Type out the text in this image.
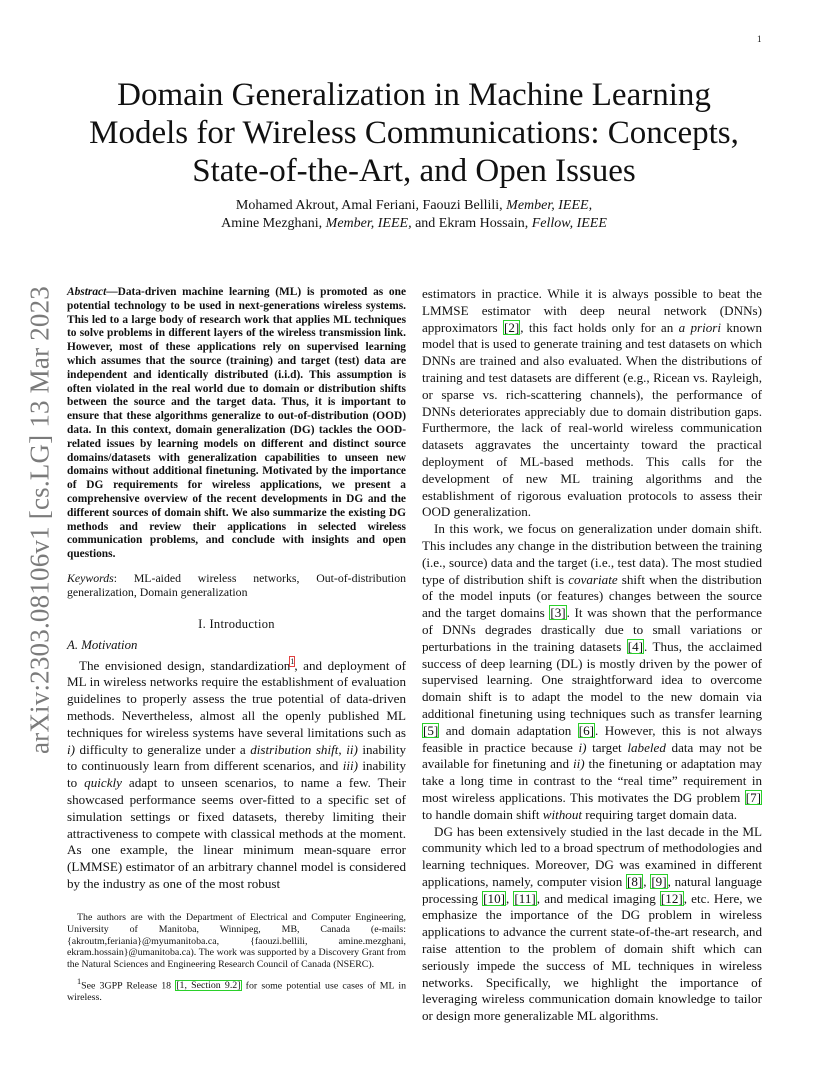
1
arXiv:2303.08106v1 [cs.LG] 13 Mar 2023
Domain Generalization in Machine Learning
Models for Wireless Communications: Concepts,
State-of-the-Art, and Open Issues
Mohamed Akrout, Amal Feriani, Faouzi Bellili, Member, IEEE,
Amine Mezghani, Member, IEEE, and Ekram Hossain, Fellow, IEEE

Abstract—Data-driven machine learning (ML) is promoted as one potential technology to be used in next-generations wireless systems. This led to a large body of research work that applies ML techniques to solve problems in different layers of the wireless transmission link. However, most of these applications rely on supervised learning which assumes that the source (training) and target (test) data are independent and identically distributed (i.i.d). This assumption is often violated in the real world due to domain or distribution shifts between the source and the target data. Thus, it is important to ensure that these algorithms generalize to out-of-distribution (OOD) data. In this context, domain generalization (DG) tackles the OOD-related issues by learning models on different and distinct source domains/datasets with generalization capabilities to unseen new domains without additional finetuning. Motivated by the importance of DG requirements for wireless applications, we present a comprehensive overview of the recent developments in DG and the different sources of domain shift. We also summarize the existing DG methods and review their applications in selected wireless communication problems, and conclude with insights and open questions.

Keywords: ML-aided wireless networks, Out-of-distribution generalization, Domain generalization

I. Introduction
A. Motivation

The envisioned design, standardization$^1$, and deployment of ML in wireless networks require the establishment of evaluation guidelines to properly assess the true potential of data-driven methods. Nevertheless, almost all the openly published ML techniques for wireless systems have several limitations such as i) difficulty to generalize under a distribution shift, ii) inability to continuously learn from different scenarios, and iii) inability to quickly adapt to unseen scenarios, to name a few. Their showcased performance seems over-fitted to a specific set of simulation settings or fixed datasets, thereby limiting their attractiveness to compete with classical methods at the moment. As one example, the linear minimum mean-square error (LMMSE) estimator of an arbitrary channel model is considered by the industry as one of the most robust

estimators in practice. While it is always possible to beat the LMMSE estimator with deep neural network (DNNs) approximators [2], this fact holds only for an a priori known model that is used to generate training and test datasets on which DNNs are trained and also evaluated. When the distributions of training and test datasets are different (e.g., Ricean vs. Rayleigh, or sparse vs. rich-scattering channels), the performance of DNNs deteriorates appreciably due to domain distribution gaps. Furthermore, the lack of real-world wireless communication datasets aggravates the uncertainty toward the practical deployment of ML-based methods. This calls for the development of new ML training algorithms and the establishment of rigorous evaluation protocols to assess their OOD generalization.

In this work, we focus on generalization under domain shift. This includes any change in the distribution between the training (i.e., source) data and the target (i.e., test data). The most studied type of distribution shift is covariate shift when the distribution of the model inputs (or features) changes between the source and the target domains [3]. It was shown that the performance of DNNs degrades drastically due to small variations or perturbations in the training datasets [4]. Thus, the acclaimed success of deep learning (DL) is mostly driven by the power of supervised learning. One straightforward idea to overcome domain shift is to adapt the model to the new domain via additional finetuning using techniques such as transfer learning [5] and domain adaptation [6]. However, this is not always feasible in practice because i) target labeled data may not be available for finetuning and ii) the finetuning or adaptation may take a long time in contrast to the “real time” requirement in most wireless applications. This motivates the DG problem [7] to handle domain shift without requiring target domain data.

DG has been extensively studied in the last decade in the ML community which led to a broad spectrum of methodologies and learning techniques. Moreover, DG was examined in different applications, namely, computer vision [8], [9], natural language processing [10], [11], and medical imaging [12], etc. Here, we emphasize the importance of the DG problem in wireless applications to advance the current state-of-the-art research, and raise attention to the problem of domain shift which can seriously impede the success of ML techniques in wireless networks. Specifically, we highlight the importance of leveraging wireless communication domain knowledge to tailor or design more generalizable ML algorithms.

The authors are with the Department of Electrical and Computer Engineering, University of Manitoba, Winnipeg, MB, Canada (e-mails: {akroutm,feriania}@myumanitoba.ca, {faouzi.bellili, amine.mezghani, ekram.hossain}@umanitoba.ca). The work was supported by a Discovery Grant from the Natural Sciences and Engineering Research Council of Canada (NSERC).

$^1$See 3GPP Release 18 [1, Section 9.2] for some potential use cases of ML in wireless.
